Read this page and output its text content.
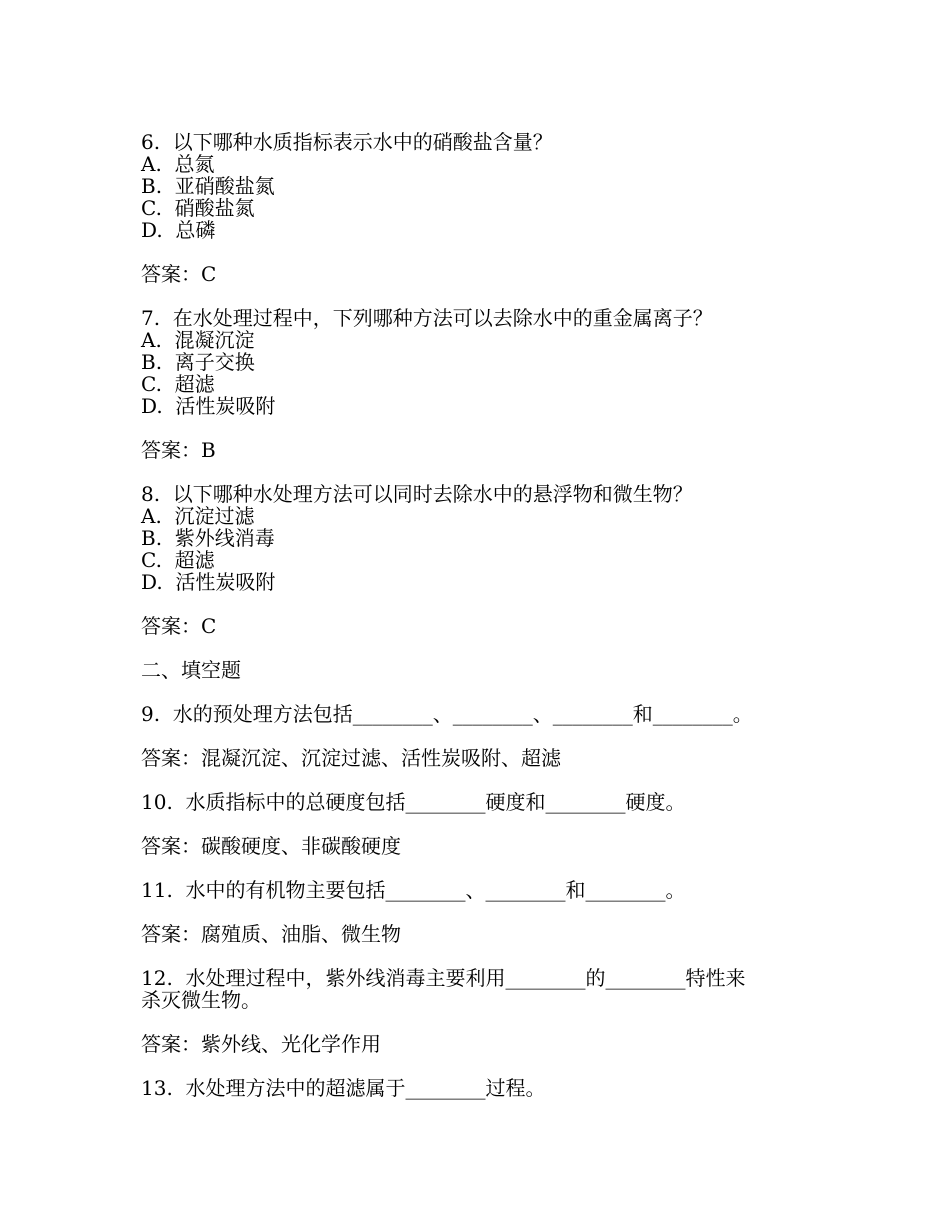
6.  以下哪种水质指标表示水中的硝酸盐含量？
A.  总氮
B.  亚硝酸盐氮
C.  硝酸盐氮
D.  总磷
答案：C
7.  在水处理过程中，下列哪种方法可以去除水中的重金属离子？
A.  混凝沉淀
B.  离子交换
C.  超滤
D.  活性炭吸附
答案：B
8.  以下哪种水处理方法可以同时去除水中的悬浮物和微生物？
A.  沉淀过滤
B.  紫外线消毒
C.  超滤
D.  活性炭吸附
答案：C
二、填空题
9.  水的预处理方法包括________、________、________和________。
答案：混凝沉淀、沉淀过滤、活性炭吸附、超滤
10.  水质指标中的总硬度包括________硬度和________硬度。
答案：碳酸硬度、非碳酸硬度
11.  水中的有机物主要包括________、________和________。
答案：腐殖质、油脂、微生物
12.  水处理过程中，紫外线消毒主要利用________的________特性来
杀灭微生物。
答案：紫外线、光化学作用
13.  水处理方法中的超滤属于________过程。
